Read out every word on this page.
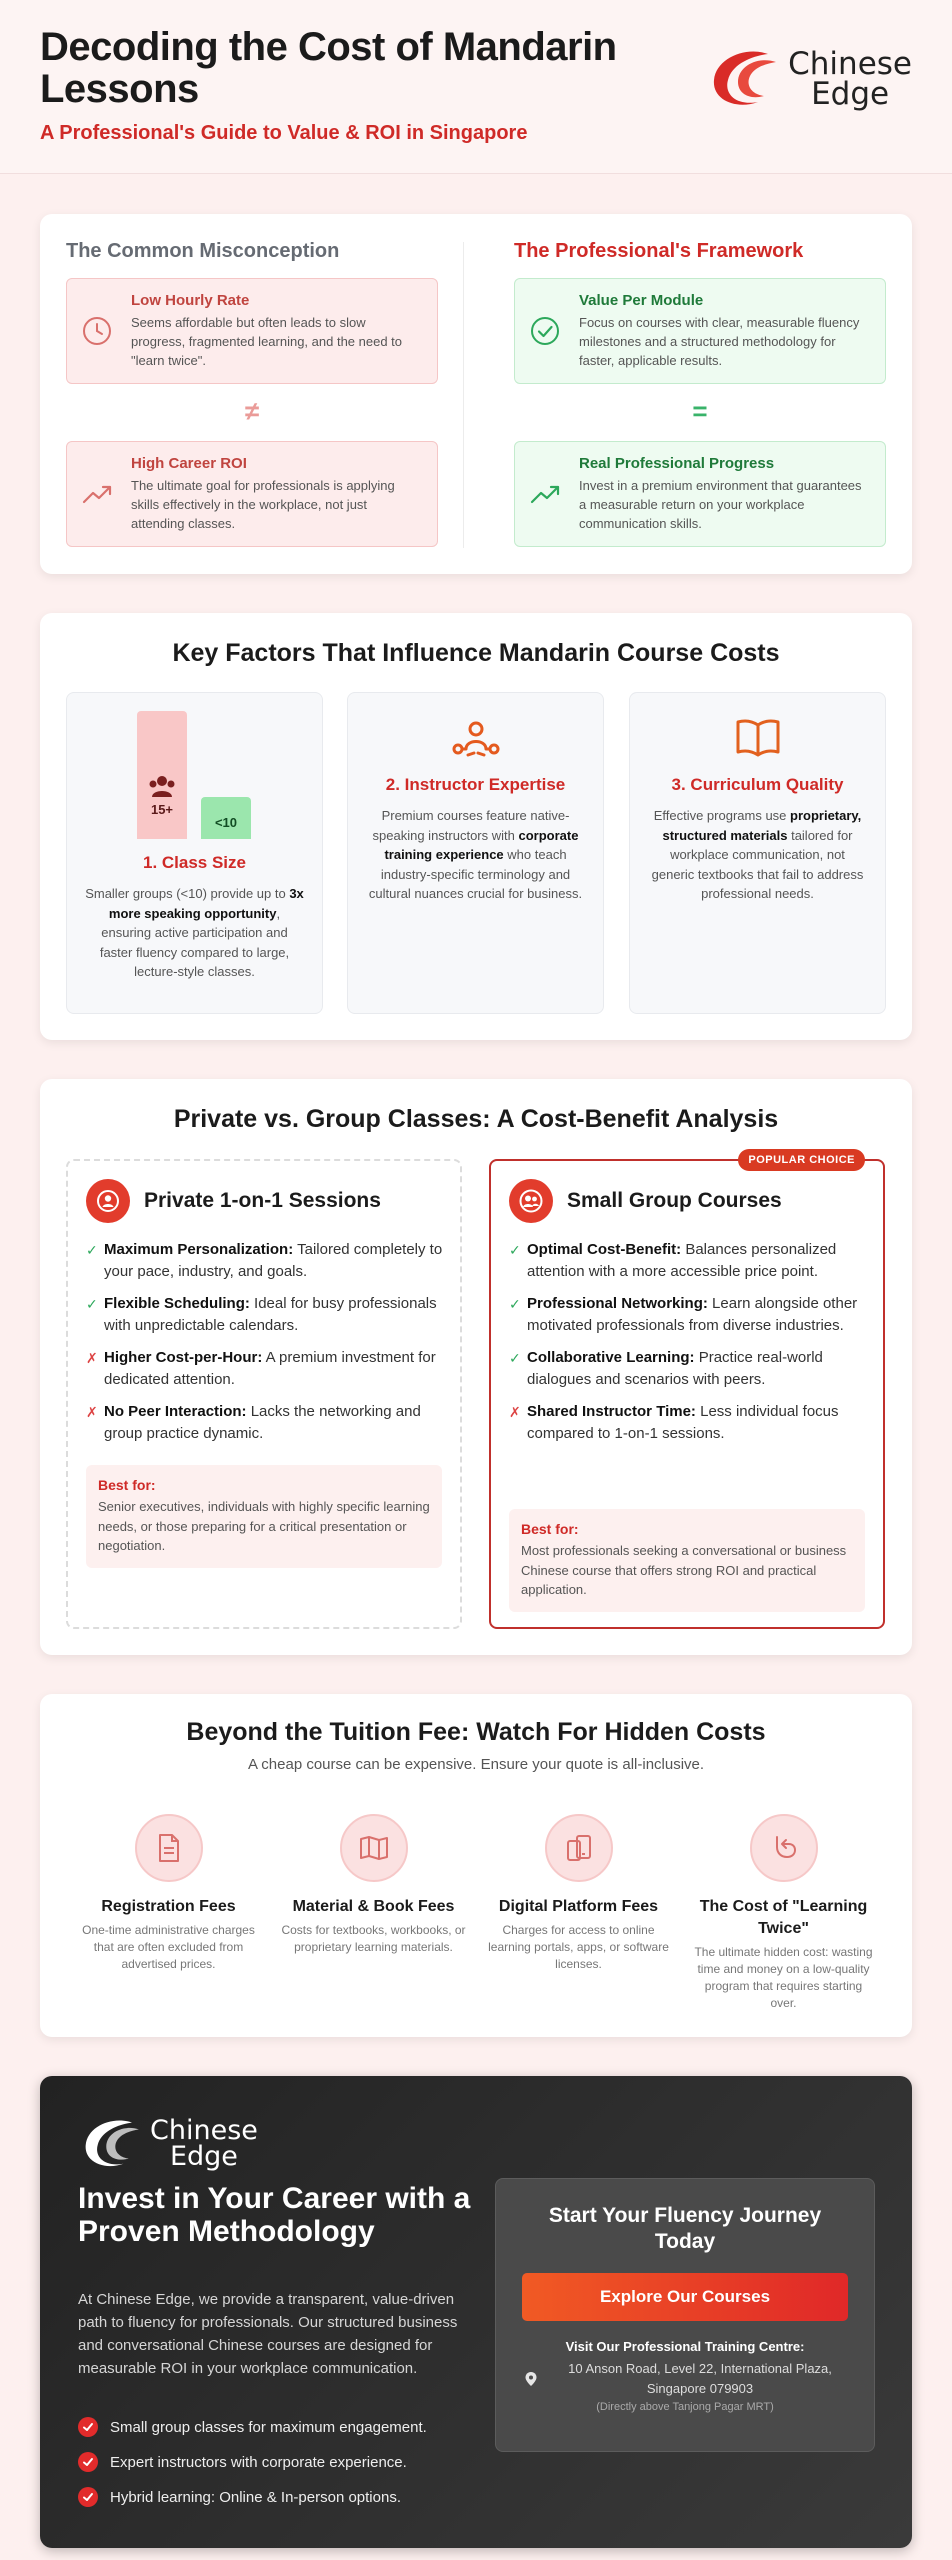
Decoding the Cost of Mandarin Lessons
A Professional's Guide to Value & ROI in Singapore
Chinese
Edge
The Common Misconception
Low Hourly Rate

Seems affordable but often leads to slow progress, fragmented learning, and the need to "learn twice".

≠
High Career ROI

The ultimate goal for professionals is applying skills effectively in the workplace, not just attending classes.

The Professional's Framework
Value Per Module

Focus on courses with clear, measurable fluency milestones and a structured methodology for faster, applicable results.

=
Real Professional Progress

Invest in a premium environment that guarantees a measurable return on your workplace communication skills.

Key Factors That Influence Mandarin Course Costs
15+
<10
1. Class Size

Smaller groups (<10) provide up to 3x more speaking opportunity, ensuring active participation and faster fluency compared to large, lecture-style classes.

2. Instructor Expertise

Premium courses feature native-speaking instructors with corporate training experience who teach industry-specific terminology and cultural nuances crucial for business.

3. Curriculum Quality

Effective programs use proprietary, structured materials tailored for workplace communication, not generic textbooks that fail to address professional needs.

Private vs. Group Classes: A Cost-Benefit Analysis
Private 1-on-1 Sessions
✓ Maximum Personalization: Tailored completely to your pace, industry, and goals.
✓ Flexible Scheduling: Ideal for busy professionals with unpredictable calendars.
✗ Higher Cost-per-Hour: A premium investment for dedicated attention.
✗ No Peer Interaction: Lacks the networking and group practice dynamic.
Best for:

Senior executives, individuals with highly specific learning needs, or those preparing for a critical presentation or negotiation.

POPULAR CHOICE
Small Group Courses
✓ Optimal Cost-Benefit: Balances personalized attention with a more accessible price point.
✓ Professional Networking: Learn alongside other motivated professionals from diverse industries.
✓ Collaborative Learning: Practice real-world dialogues and scenarios with peers.
✗ Shared Instructor Time: Less individual focus compared to 1-on-1 sessions.
Best for:

Most professionals seeking a conversational or business Chinese course that offers strong ROI and practical application.

Beyond the Tuition Fee: Watch For Hidden Costs
A cheap course can be expensive. Ensure your quote is all-inclusive.
Registration Fees

One-time administrative charges that are often excluded from advertised prices.

Material & Book Fees

Costs for textbooks, workbooks, or proprietary learning materials.

Digital Platform Fees

Charges for access to online learning portals, apps, or software licenses.

The Cost of "Learning Twice"

The ultimate hidden cost: wasting time and money on a low-quality program that requires starting over.

Chinese
Edge
Invest in Your Career with a Proven Methodology

At Chinese Edge, we provide a transparent, value-driven path to fluency for professionals. Our structured business and conversational Chinese courses are designed for measurable ROI in your workplace communication.

Small group classes for maximum engagement.
Expert instructors with corporate experience.
Hybrid learning: Online & In-person options.
Start Your Fluency Journey Today
Explore Our Courses
Visit Our Professional Training Centre:
10 Anson Road, Level 22, International Plaza, Singapore 079903
(Directly above Tanjong Pagar MRT)
